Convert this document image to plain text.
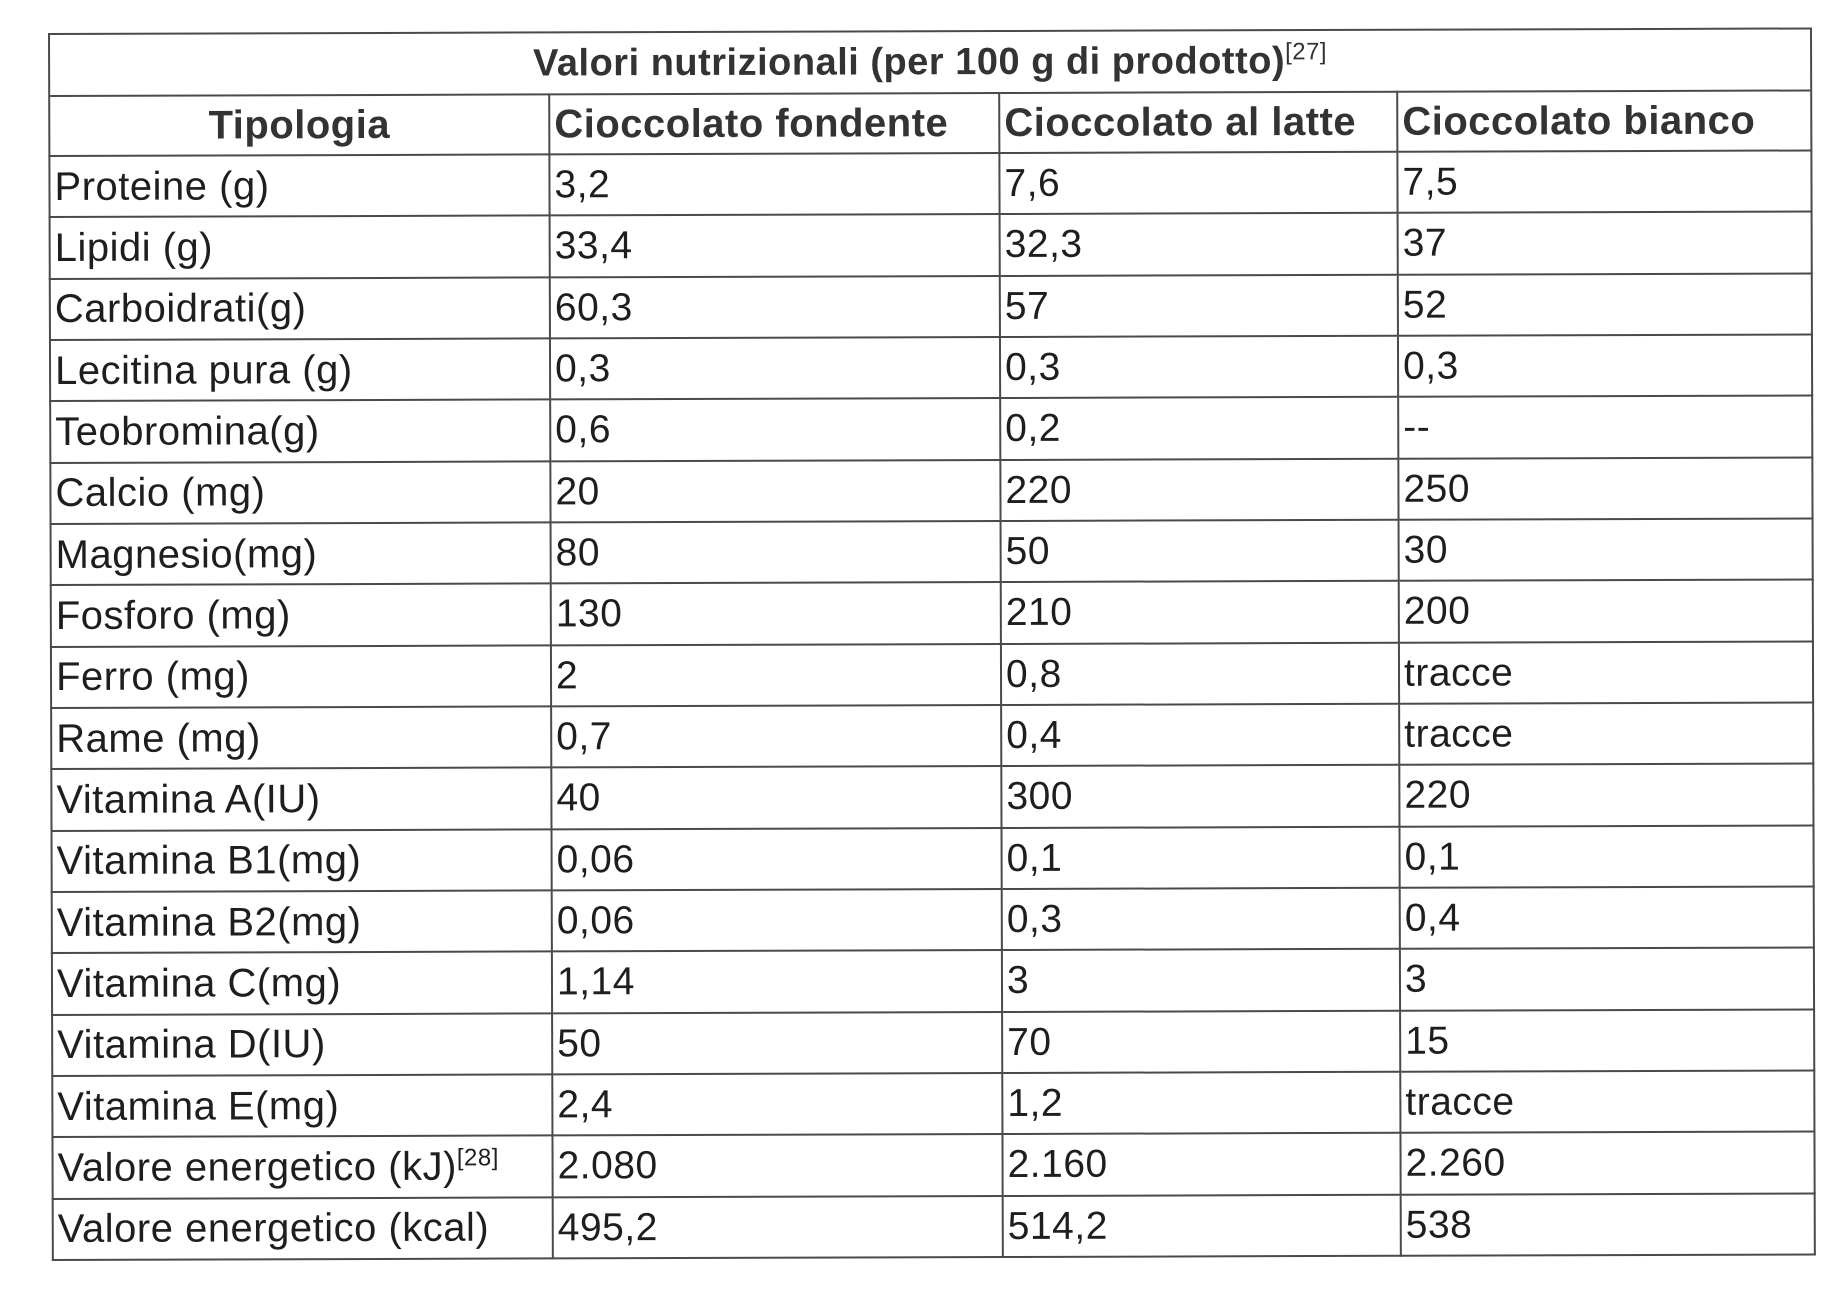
Valori nutrizionali (per 100 g di prodotto)[27]
Tipologia	Cioccolato fondente	Cioccolato al latte	Cioccolato bianco
Proteine (g)	3,2	7,6	7,5
Lipidi (g)	33,4	32,3	37
Carboidrati(g)	60,3	57	52
Lecitina pura (g)	0,3	0,3	0,3
Teobromina(g)	0,6	0,2	--
Calcio (mg)	20	220	250
Magnesio(mg)	80	50	30
Fosforo (mg)	130	210	200
Ferro (mg)	2	0,8	tracce
Rame (mg)	0,7	0,4	tracce
Vitamina A(IU)	40	300	220
Vitamina B1(mg)	0,06	0,1	0,1
Vitamina B2(mg)	0,06	0,3	0,4
Vitamina C(mg)	1,14	3	3
Vitamina D(IU)	50	70	15
Vitamina E(mg)	2,4	1,2	tracce
Valore energetico (kJ)[28]	2.080	2.160	2.260
Valore energetico (kcal)	495,2	514,2	538
